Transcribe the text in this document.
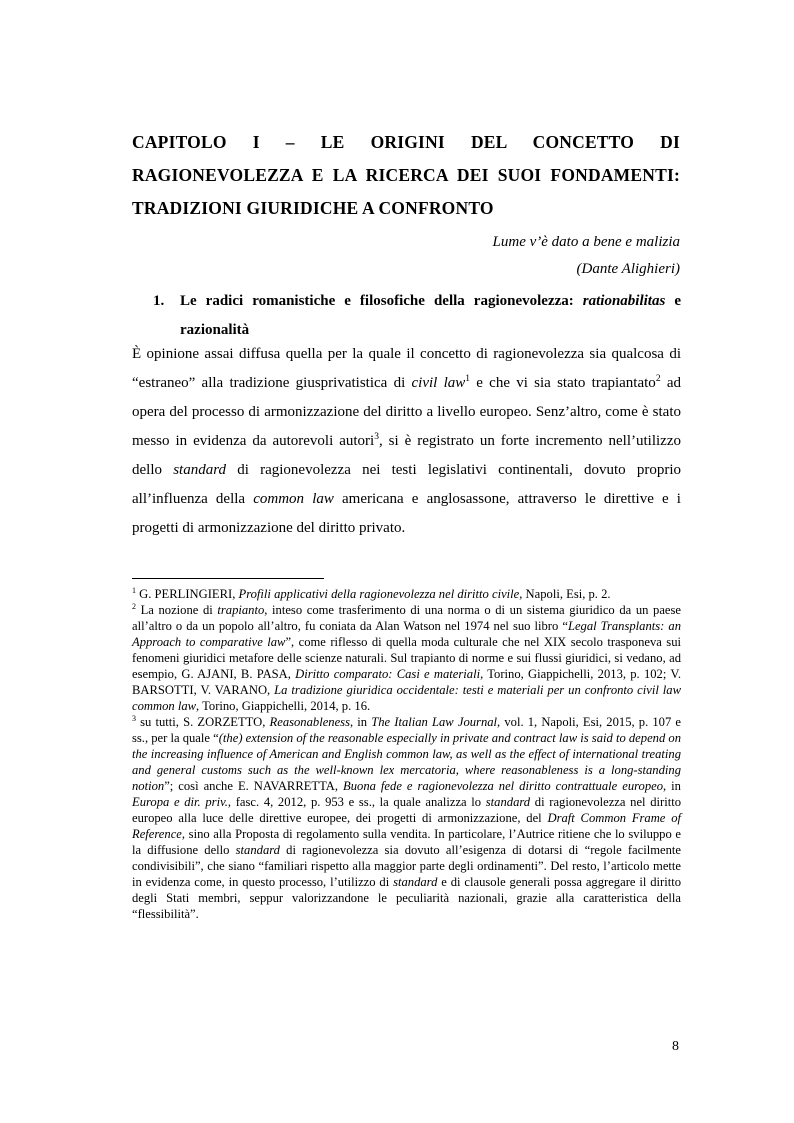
CAPITOLO I – LE ORIGINI DEL CONCETTO DI
RAGIONEVOLEZZA E LA RICERCA DEI SUOI FONDAMENTI:
TRADIZIONI GIURIDICHE A CONFRONTO
Lume v’è dato a bene e malizia
(Dante Alighieri)
1. Le radici romanistiche e filosofiche della ragionevolezza: rationabilitas e
razionalità
È opinione assai diffusa quella per la quale il concetto di ragionevolezza sia qualcosa di “estraneo” alla tradizione giusprivatistica di civil law$^1$ e che vi sia stato trapiantato$^2$ ad opera del processo di armonizzazione del diritto a livello europeo. Senz’altro, come è stato messo in evidenza da autorevoli autori$^3$, si è registrato un forte incremento nell’utilizzo dello standard di ragionevolezza nei testi legislativi continentali, dovuto proprio all’influenza della common law americana e anglosassone, attraverso le direttive e i progetti di armonizzazione del diritto privato.

$^1$ G. PERLINGIERI, Profili applicativi della ragionevolezza nel diritto civile, Napoli, Esi, p. 2.

$^2$ La nozione di trapianto, inteso come trasferimento di una norma o di un sistema giuridico da un paese all’altro o da un popolo all’altro, fu coniata da Alan Watson nel 1974 nel suo libro “Legal Transplants: an Approach to comparative law”, come riflesso di quella moda culturale che nel XIX secolo trasponeva sui fenomeni giuridici metafore delle scienze naturali. Sul trapianto di norme e sui flussi giuridici, si vedano, ad esempio, G. AJANI, B. PASA, Diritto comparato: Casi e materiali, Torino, Giappichelli, 2013, p. 102; V. BARSOTTI, V. VARANO, La tradizione giuridica occidentale: testi e materiali per un confronto civil law common law, Torino, Giappichelli, 2014, p. 16.

$^3$ su tutti, S. ZORZETTO, Reasonableness, in The Italian Law Journal, vol. 1, Napoli, Esi, 2015, p. 107 e ss., per la quale “(the) extension of the reasonable especially in private and contract law is said to depend on the increasing influence of American and English common law, as well as the effect of international treating and general customs such as the well-known lex mercatoria, where reasonableness is a long-standing notion”; così anche E. NAVARRETTA, Buona fede e ragionevolezza nel diritto contrattuale europeo, in Europa e dir. priv., fasc. 4, 2012, p. 953 e ss., la quale analizza lo standard di ragionevolezza nel diritto europeo alla luce delle direttive europee, dei progetti di armonizzazione, del Draft Common Frame of Reference, sino alla Proposta di regolamento sulla vendita. In particolare, l’Autrice ritiene che lo sviluppo e la diffusione dello standard di ragionevolezza sia dovuto all’esigenza di dotarsi di “regole facilmente condivisibili”, che siano “familiari rispetto alla maggior parte degli ordinamenti”. Del resto, l’articolo mette in evidenza come, in questo processo, l’utilizzo di standard e di clausole generali possa aggregare il diritto degli Stati membri, seppur valorizzandone le peculiarità nazionali, grazie alla caratteristica della “flessibilità”.

8
